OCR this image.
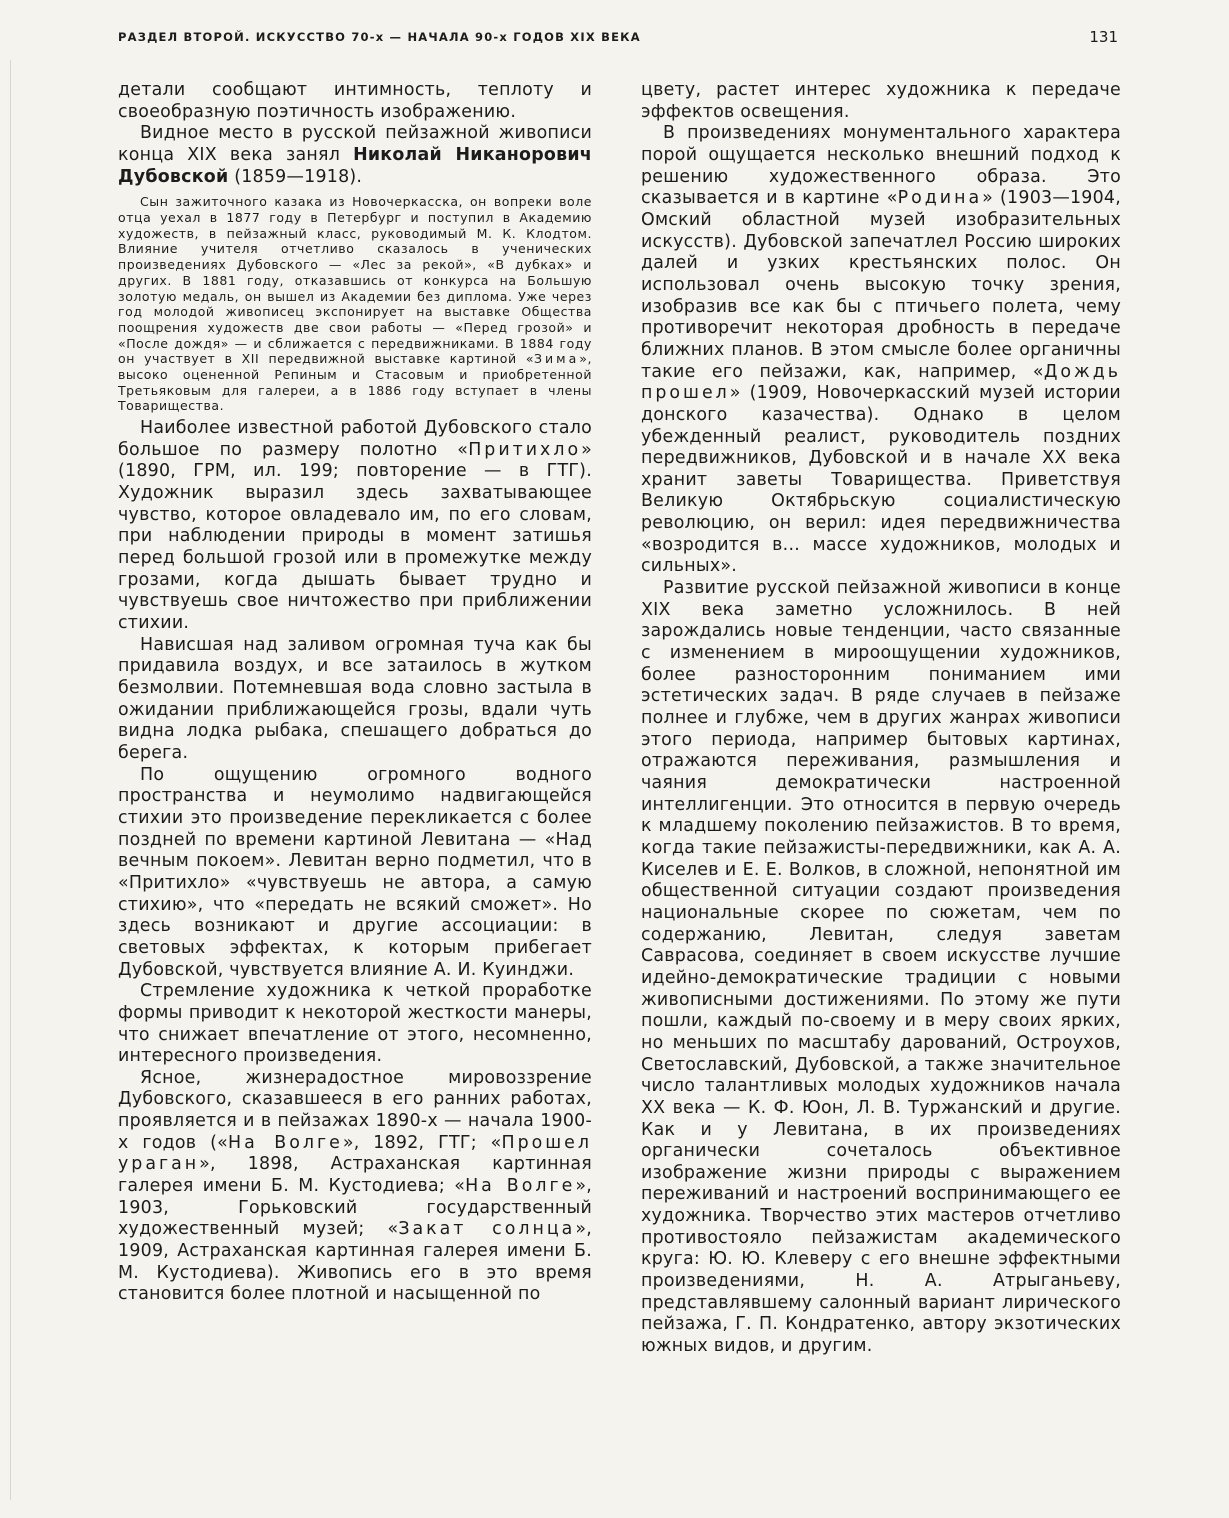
РАЗДЕЛ ВТОРОЙ. ИСКУССТВО 70-х — НАЧАЛА 90-х ГОДОВ XIX ВЕКА	131

детали сообщают интимность, теплоту и своеобразную поэтичность изображению.

Видное место в русской пейзажной живописи конца XIX века занял Николай Никанорович Дубовской (1859—1918).

Сын зажиточного казака из Новочеркасска, он вопреки воле отца уехал в 1877 году в Петербург и поступил в Академию художеств, в пейзажный класс, руководимый М. К. Клодтом. Влияние учителя отчетливо сказалось в ученических произведениях Дубовского — «Лес за рекой», «В дубках» и других. В 1881 году, отказавшись от конкурса на Большую золотую медаль, он вышел из Академии без диплома. Уже через год молодой живописец экспонирует на выставке Общества поощрения художеств две свои работы — «Перед грозой» и «После дождя» — и сближается с передвижниками. В 1884 году он участвует в XII передвижной выставке картиной «Зима», высоко оцененной Репиным и Стасовым и приобретенной Третьяковым для галереи, а в 1886 году вступает в члены Товарищества.

Наиболее известной работой Дубовского стало большое по размеру полотно «Притихло» (1890, ГРМ, ил. 199; повторение — в ГТГ). Художник выразил здесь захватывающее чувство, которое овладевало им, по его словам, при наблюдении природы в момент затишья перед большой грозой или в промежутке между грозами, когда дышать бывает трудно и чувствуешь свое ничтожество при приближении стихии.

Нависшая над заливом огромная туча как бы придавила воздух, и все затаилось в жутком безмолвии. Потемневшая вода словно застыла в ожидании приближающейся грозы, вдали чуть видна лодка рыбака, спешащего добраться до берега.

По ощущению огромного водного пространства и неумолимо надвигающейся стихии это произведение перекликается с более поздней по времени картиной Левитана — «Над вечным покоем». Левитан верно подметил, что в «Притихло» «чувствуешь не автора, а самую стихию», что «передать не всякий сможет». Но здесь возникают и другие ассоциации: в световых эффектах, к которым прибегает Дубовской, чувствуется влияние А. И. Куинджи.

Стремление художника к четкой проработке формы приводит к некоторой жесткости манеры, что снижает впечатление от этого, несомненно, интересного произведения.

Ясное, жизнерадостное мировоззрение Дубовского, сказавшееся в его ранних работах, проявляется и в пейзажах 1890-х — начала 1900-х годов («На Волге», 1892, ГТГ; «Прошел ураган», 1898, Астраханская картинная галерея имени Б. М. Кустодиева; «На Волге», 1903, Горьковский государственный художественный музей; «Закат солнца», 1909, Астраханская картинная галерея имени Б. М. Кустодиева). Живопись его в это время становится более плотной и насыщенной по

цвету, растет интерес художника к передаче эффектов освещения.

В произведениях монументального характера порой ощущается несколько внешний подход к решению художественного образа. Это сказывается и в картине «Родина» (1903—1904, Омский областной музей изобразительных искусств). Дубовской запечатлел Россию широких далей и узких крестьянских полос. Он использовал очень высокую точку зрения, изобразив все как бы с птичьего полета, чему противоречит некоторая дробность в передаче ближних планов. В этом смысле более органичны такие его пейзажи, как, например, «Дождь прошел» (1909, Новочеркасский музей истории донского казачества). Однако в целом убежденный реалист, руководитель поздних передвижников, Дубовской и в начале XX века хранит заветы Товарищества. Приветствуя Великую Октябрьскую социалистическую революцию, он верил: идея передвижничества «возродится в... массе художников, молодых и сильных».

Развитие русской пейзажной живописи в конце XIX века заметно усложнилось. В ней зарождались новые тенденции, часто связанные с изменением в мироощущении художников, более разносторонним пониманием ими эстетических задач. В ряде случаев в пейзаже полнее и глубже, чем в других жанрах живописи этого периода, например бытовых картинах, отражаются переживания, размышления и чаяния демократически настроенной интеллигенции. Это относится в первую очередь к младшему поколению пейзажистов. В то время, когда такие пейзажисты-передвижники, как А. А. Киселев и Е. Е. Волков, в сложной, непонятной им общественной ситуации создают произведения национальные скорее по сюжетам, чем по содержанию, Левитан, следуя заветам Саврасова, соединяет в своем искусстве лучшие идейно-демократические традиции с новыми живописными достижениями. По этому же пути пошли, каждый по-своему и в меру своих ярких, но меньших по масштабу дарований, Остроухов, Светославский, Дубовской, а также значительное число талантливых молодых художников начала XX века — К. Ф. Юон, Л. В. Туржанский и другие. Как и у Левитана, в их произведениях органически сочеталось объективное изображение жизни природы с выражением переживаний и настроений воспринимающего ее художника. Творчество этих мастеров отчетливо противостояло пейзажистам академического круга: Ю. Ю. Клеверу с его внешне эффектными произведениями, Н. А. Атрыганьеву, представлявшему салонный вариант лирического пейзажа, Г. П. Кондратенко, автору экзотических южных видов, и другим.
